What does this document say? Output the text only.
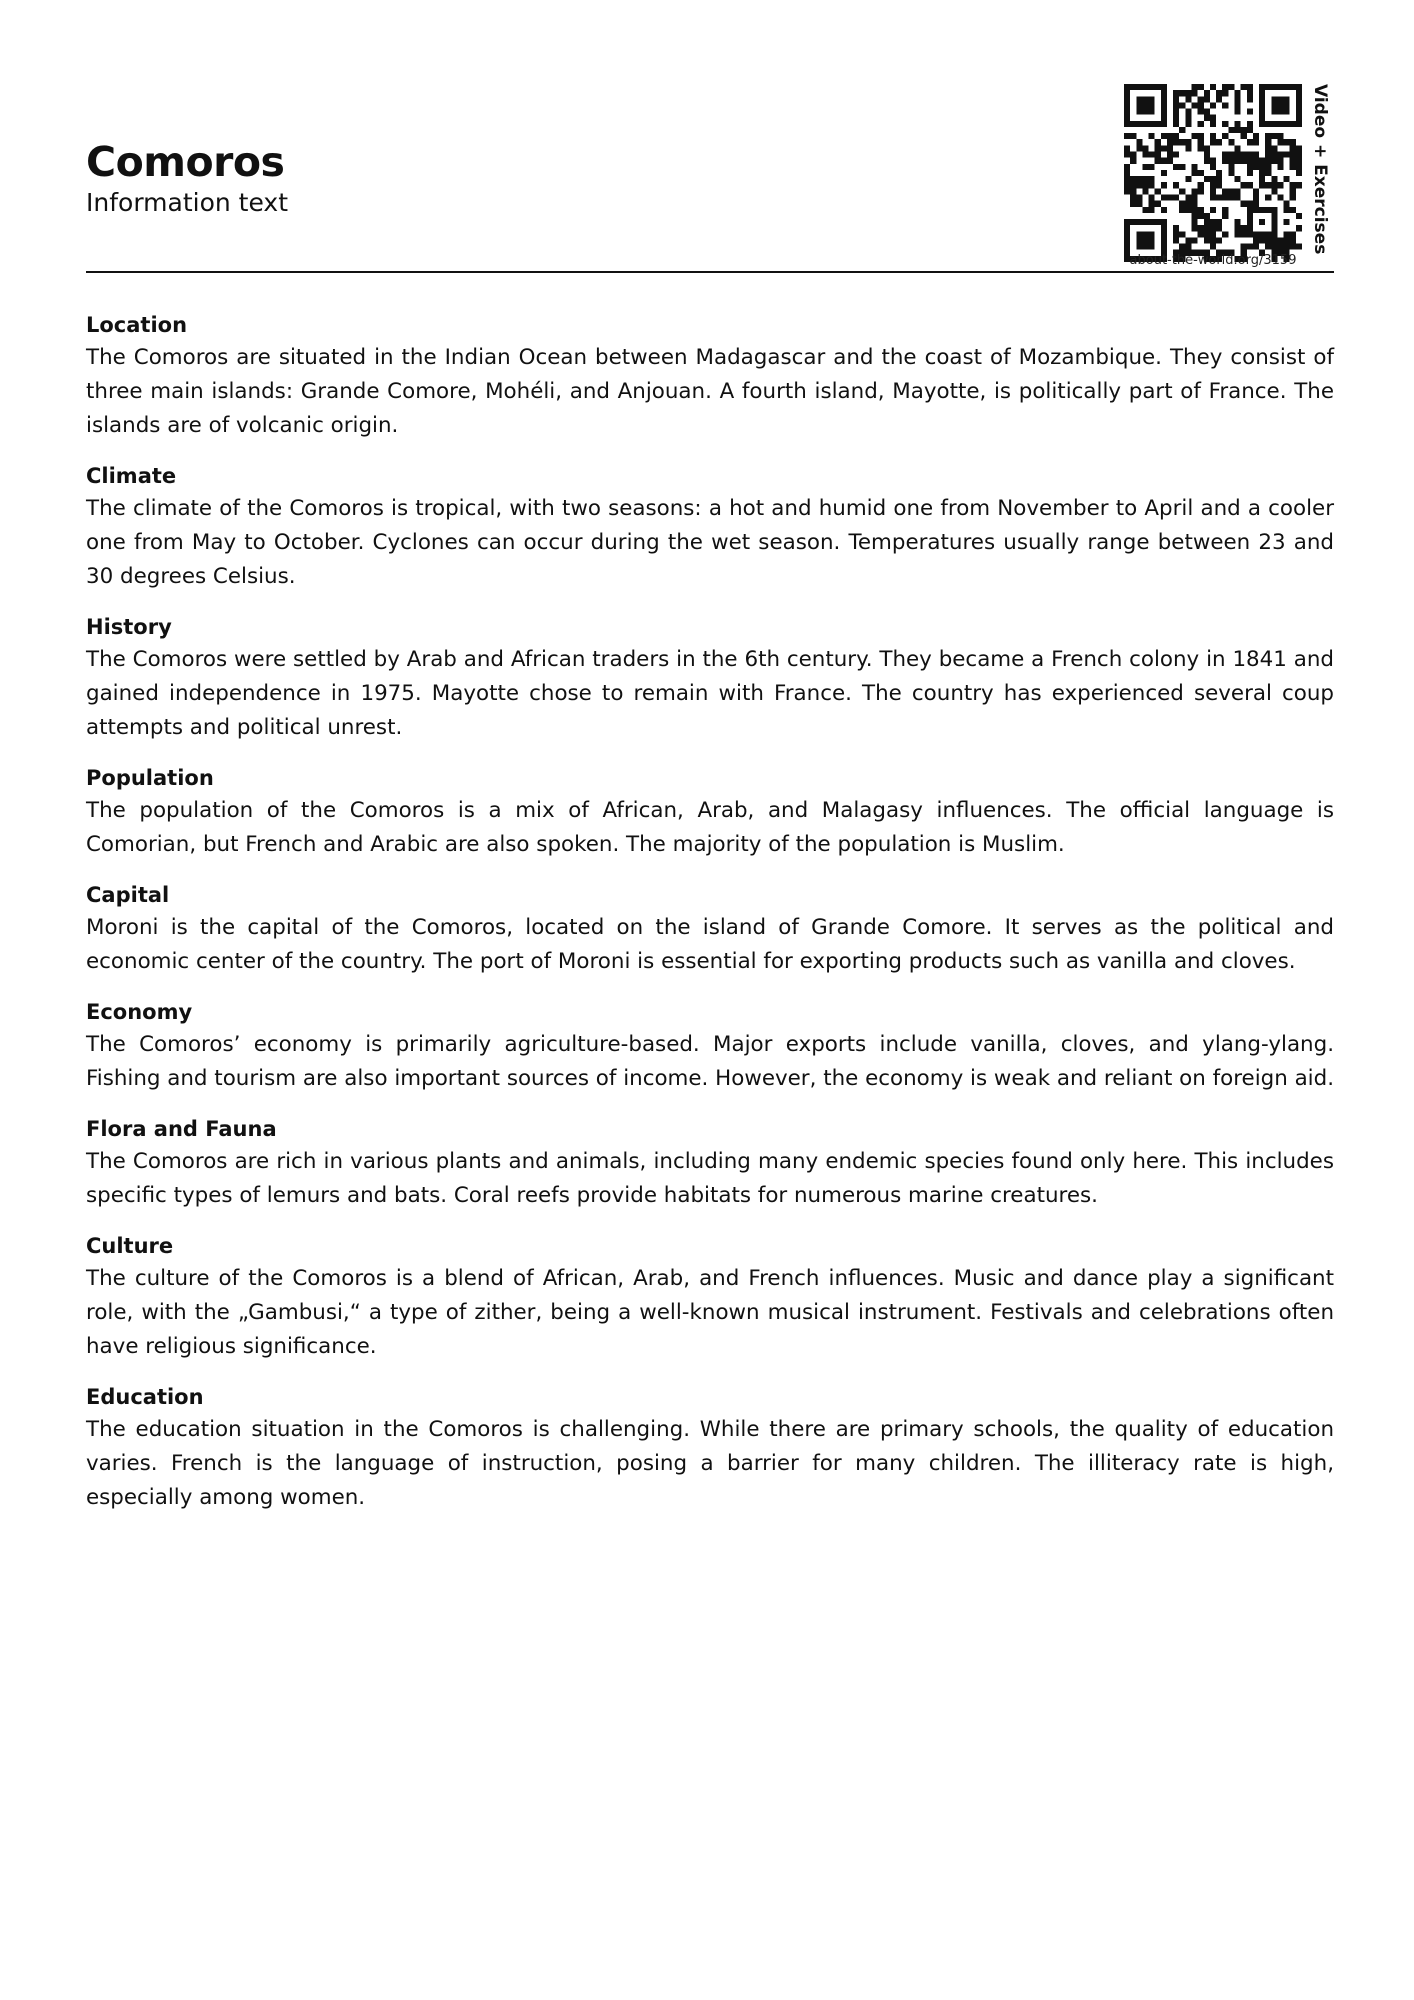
Comoros

Information text	Video + Exercises
about-the-world.org/3159
Location

The Comoros are situated in the Indian Ocean between Madagascar and the coast of Mozambique. They consist of three main islands: Grande Comore, Mohéli, and Anjouan. A fourth island, Mayotte, is politically part of France. The islands are of volcanic origin.

Climate

The climate of the Comoros is tropical, with two seasons: a hot and humid one from November to April and a cooler one from May to October. Cyclones can occur during the wet season. Temperatures usually range between 23 and 30 degrees Celsius.

History

The Comoros were settled by Arab and African traders in the 6th century. They became a French colony in 1841 and gained independence in 1975. Mayotte chose to remain with France. The country has experienced several coup attempts and political unrest.

Population

The population of the Comoros is a mix of African, Arab, and Malagasy influences. The official language is Comorian, but French and Arabic are also spoken. The majority of the population is Muslim.

Capital

Moroni is the capital of the Comoros, located on the island of Grande Comore. It serves as the political and economic center of the country. The port of Moroni is essential for exporting products such as vanilla and cloves.

Economy

The Comoros’ economy is primarily agriculture-based. Major exports include vanilla, cloves, and ylang-ylang. Fishing and tourism are also important sources of income. However, the economy is weak and reliant on foreign aid.

Flora and Fauna

The Comoros are rich in various plants and animals, including many endemic species found only here. This includes specific types of lemurs and bats. Coral reefs provide habitats for numerous marine creatures.

Culture

The culture of the Comoros is a blend of African, Arab, and French influences. Music and dance play a significant role, with the „Gambusi,“ a type of zither, being a well-known musical instrument. Festivals and celebrations often have religious significance.

Education

The education situation in the Comoros is challenging. While there are primary schools, the quality of education varies. French is the language of instruction, posing a barrier for many children. The illiteracy rate is high, especially among women.
